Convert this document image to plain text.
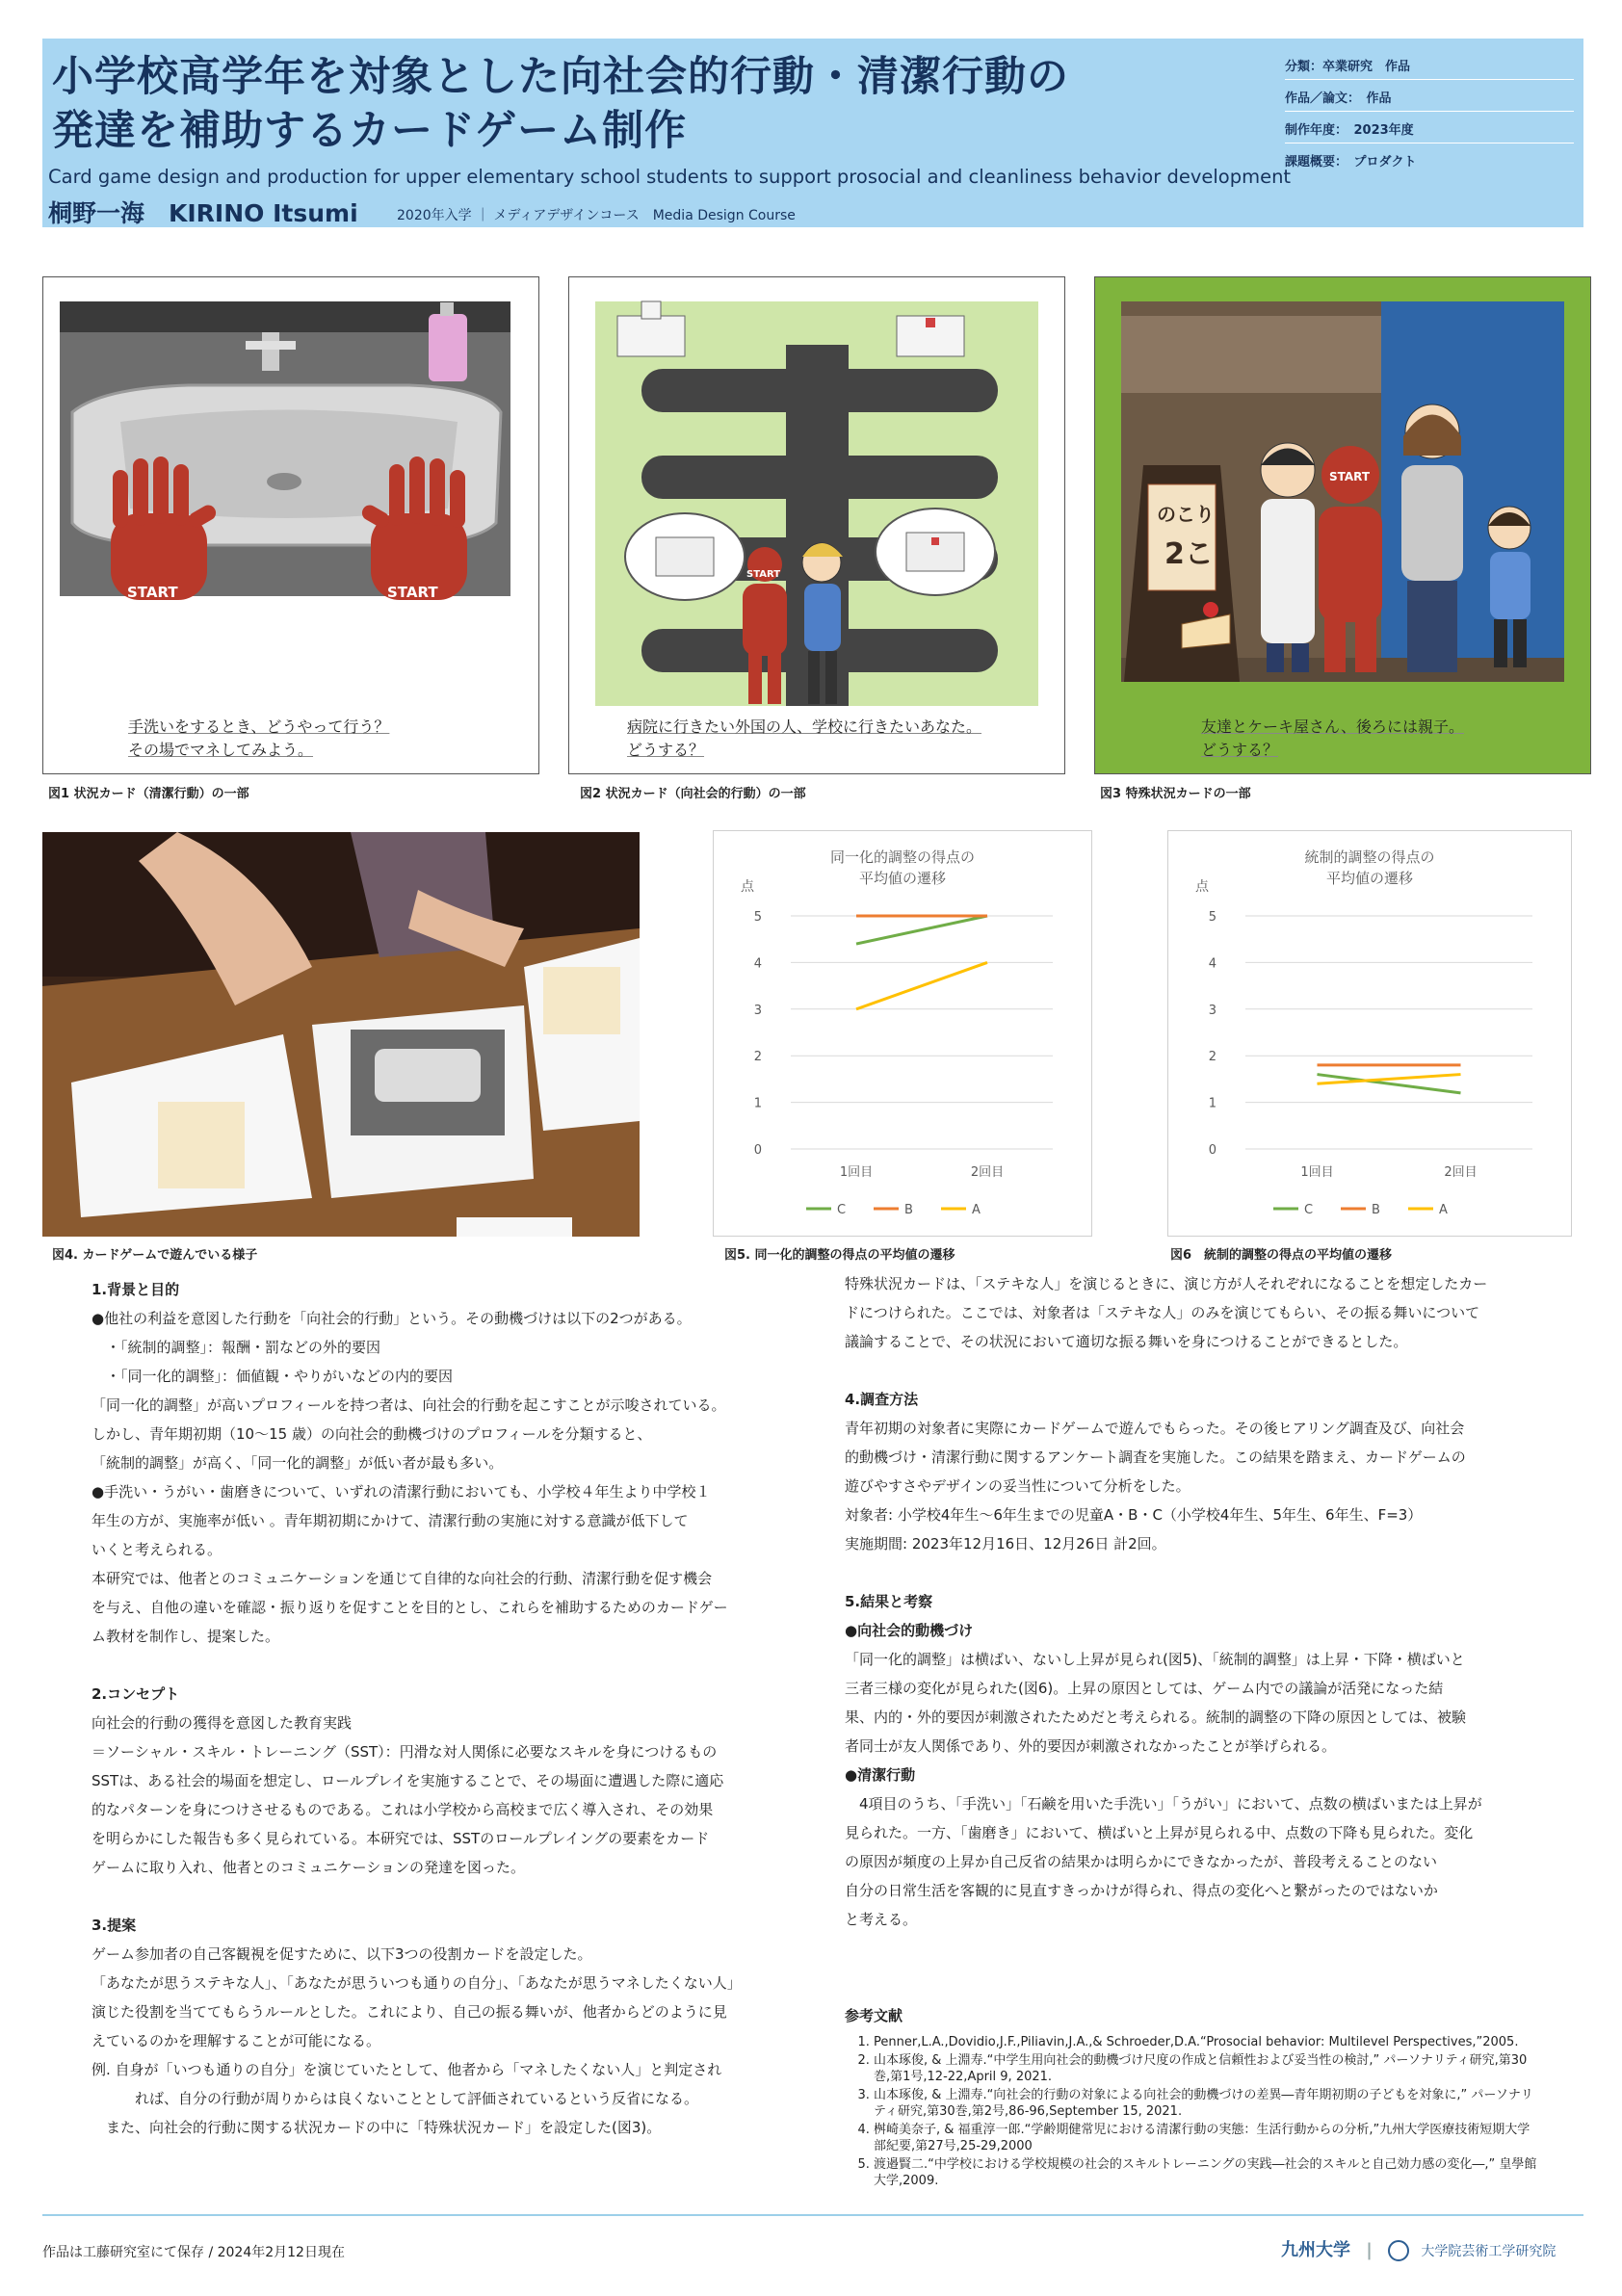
小学校高学年を対象とした向社会的行動・清潔行動の
発達を補助するカードゲーム制作
Card game design and production for upper elementary school students to support prosocial and cleanliness behavior development
桐野一海　KIRINO Itsumi	2020年入学 ｜ メディアデザインコース　Media Design Course
分類：卒業研究　作品
作品／論文：　作品
制作年度：　2023年度
課題概要：　プロダクト
START	START
手洗いをするとき、どうやって行う？
その場でマネしてみよう。
図1 状況カード（清潔行動）の一部
START
病院に行きたい外国の人、学校に行きたいあなた。
どうする？
図2 状況カード（向社会的行動）の一部
のこり
2こ
START
友達とケーキ屋さん、後ろには親子。
どうする？
図3 特殊状況カードの一部
図4. カードゲームで遊んでいる様子
同一化的調整の得点の
平均値の遷移
点
0
1
2
3
4
5
1回目	2回目
C	B	A
図5. 同一化的調整の得点の平均値の遷移
統制的調整の得点の
平均値の遷移
点
0
1
2
3
4
5
1回目	2回目
C	B	A
図6　統制的調整の得点の平均値の遷移

1.背景と目的

●他社の利益を意図した行動を「向社会的行動」という。その動機づけは以下の2つがある。

　・「統制的調整」：報酬・罰などの外的要因

　・「同一化的調整」：価値観・やりがいなどの内的要因

「同一化的調整」が高いプロフィールを持つ者は、向社会的行動を起こすことが示唆されている。

しかし、青年期初期（10～15 歳）の向社会的動機づけのプロフィールを分類すると、

「統制的調整」が高く、「同一化的調整」が低い者が最も多い。

●手洗い・うがい・歯磨きについて、いずれの清潔行動においても、小学校４年生より中学校１

年生の方が、実施率が低い 。青年期初期にかけて、清潔行動の実施に対する意識が低下して

いくと考えられる。

本研究では、他者とのコミュニケーションを通じて自律的な向社会的行動、清潔行動を促す機会

を与え、自他の違いを確認・振り返りを促すことを目的とし、これらを補助するためのカードゲー

ム教材を制作し、提案した。

2.コンセプト

向社会的行動の獲得を意図した教育実践

＝ソーシャル・スキル・トレーニング（SST）：円滑な対人関係に必要なスキルを身につけるもの

SSTは、ある社会的場面を想定し、ロールプレイを実施することで、その場面に遭遇した際に適応

的なパターンを身につけさせるものである。これは小学校から高校まで広く導入され、その効果

を明らかにした報告も多く見られている。本研究では、SSTのロールプレイングの要素をカード

ゲームに取り入れ、他者とのコミュニケーションの発達を図った。

3.提案

ゲーム参加者の自己客観視を促すために、以下3つの役割カードを設定した。

「あなたが思うステキな人」、「あなたが思ういつも通りの自分」、「あなたが思うマネしたくない人」

演じた役割を当ててもらうルールとした。これにより、自己の振る舞いが、他者からどのように見

えているのかを理解することが可能になる。

例. 自身が「いつも通りの自分」を演じていたとして、他者から「マネしたくない人」と判定され

　　　れば、自分の行動が周りからは良くないこととして評価されているという反省になる。

　また、向社会的行動に関する状況カードの中に「特殊状況カード」を設定した(図3)。

特殊状況カードは、「ステキな人」を演じるときに、演じ方が人それぞれになることを想定したカー

ドにつけられた。ここでは、対象者は「ステキな人」のみを演じてもらい、その振る舞いについて

議論することで、その状況において適切な振る舞いを身につけることができるとした。

4.調査方法

青年初期の対象者に実際にカードゲームで遊んでもらった。その後ヒアリング調査及び、向社会

的動機づけ・清潔行動に関するアンケート調査を実施した。この結果を踏まえ、カードゲームの

遊びやすさやデザインの妥当性について分析をした。

対象者: 小学校4年生～6年生までの児童A・B・C（小学校4年生、5年生、6年生、F=3）

実施期間: 2023年12月16日、12月26日 計2回。

5.結果と考察

●向社会的動機づけ

「同一化的調整」は横ばい、ないし上昇が見られ(図5)、「統制的調整」は上昇・下降・横ばいと

三者三様の変化が見られた(図6)。上昇の原因としては、ゲーム内での議論が活発になった結

果、内的・外的要因が刺激されたためだと考えられる。統制的調整の下降の原因としては、被験

者同士が友人関係であり、外的要因が刺激されなかったことが挙げられる。

●清潔行動

　4項目のうち、「手洗い」「石鹸を用いた手洗い」「うがい」において、点数の横ばいまたは上昇が

見られた。一方、「歯磨き」において、横ばいと上昇が見られる中、点数の下降も見られた。変化

の原因が頻度の上昇か自己反省の結果かは明らかにできなかったが、普段考えることのない

自分の日常生活を客観的に見直すきっかけが得られ、得点の変化へと繋がったのではないか

と考える。

参考文献
1. Penner,L.A.,Dovidio,J.F.,Piliavin,J.A.,& Schroeder,D.A.“Prosocial behavior: Multilevel Perspectives,”2005.
2. 山本琢俊, & 上淵寿.“中学生用向社会的動機づけ尺度の作成と信頼性および妥当性の検討,” パーソナリティ研究,第30巻,第1号,12-22,April 9, 2021.
3. 山本琢俊, & 上淵寿.“向社会的行動の対象による向社会的動機づけの差異―青年期初期の子どもを対象に,” パーソナリティ研究,第30巻,第2号,86-96,September 15, 2021.
4. 桝崎美奈子, & 福重淳一郎.“学齢期健常児における清潔行動の実態：生活行動からの分析,”九州大学医療技術短期大学部紀要,第27号,25-29,2000
5. 渡邉賢二.“中学校における学校規模の社会的スキルトレーニングの実践―社会的スキルと自己効力感の変化―,” 皇學館大学,2009.
作品は工藤研究室にて保存 / 2024年2月12日現在	九州大学 |	大学院芸術工学研究院
